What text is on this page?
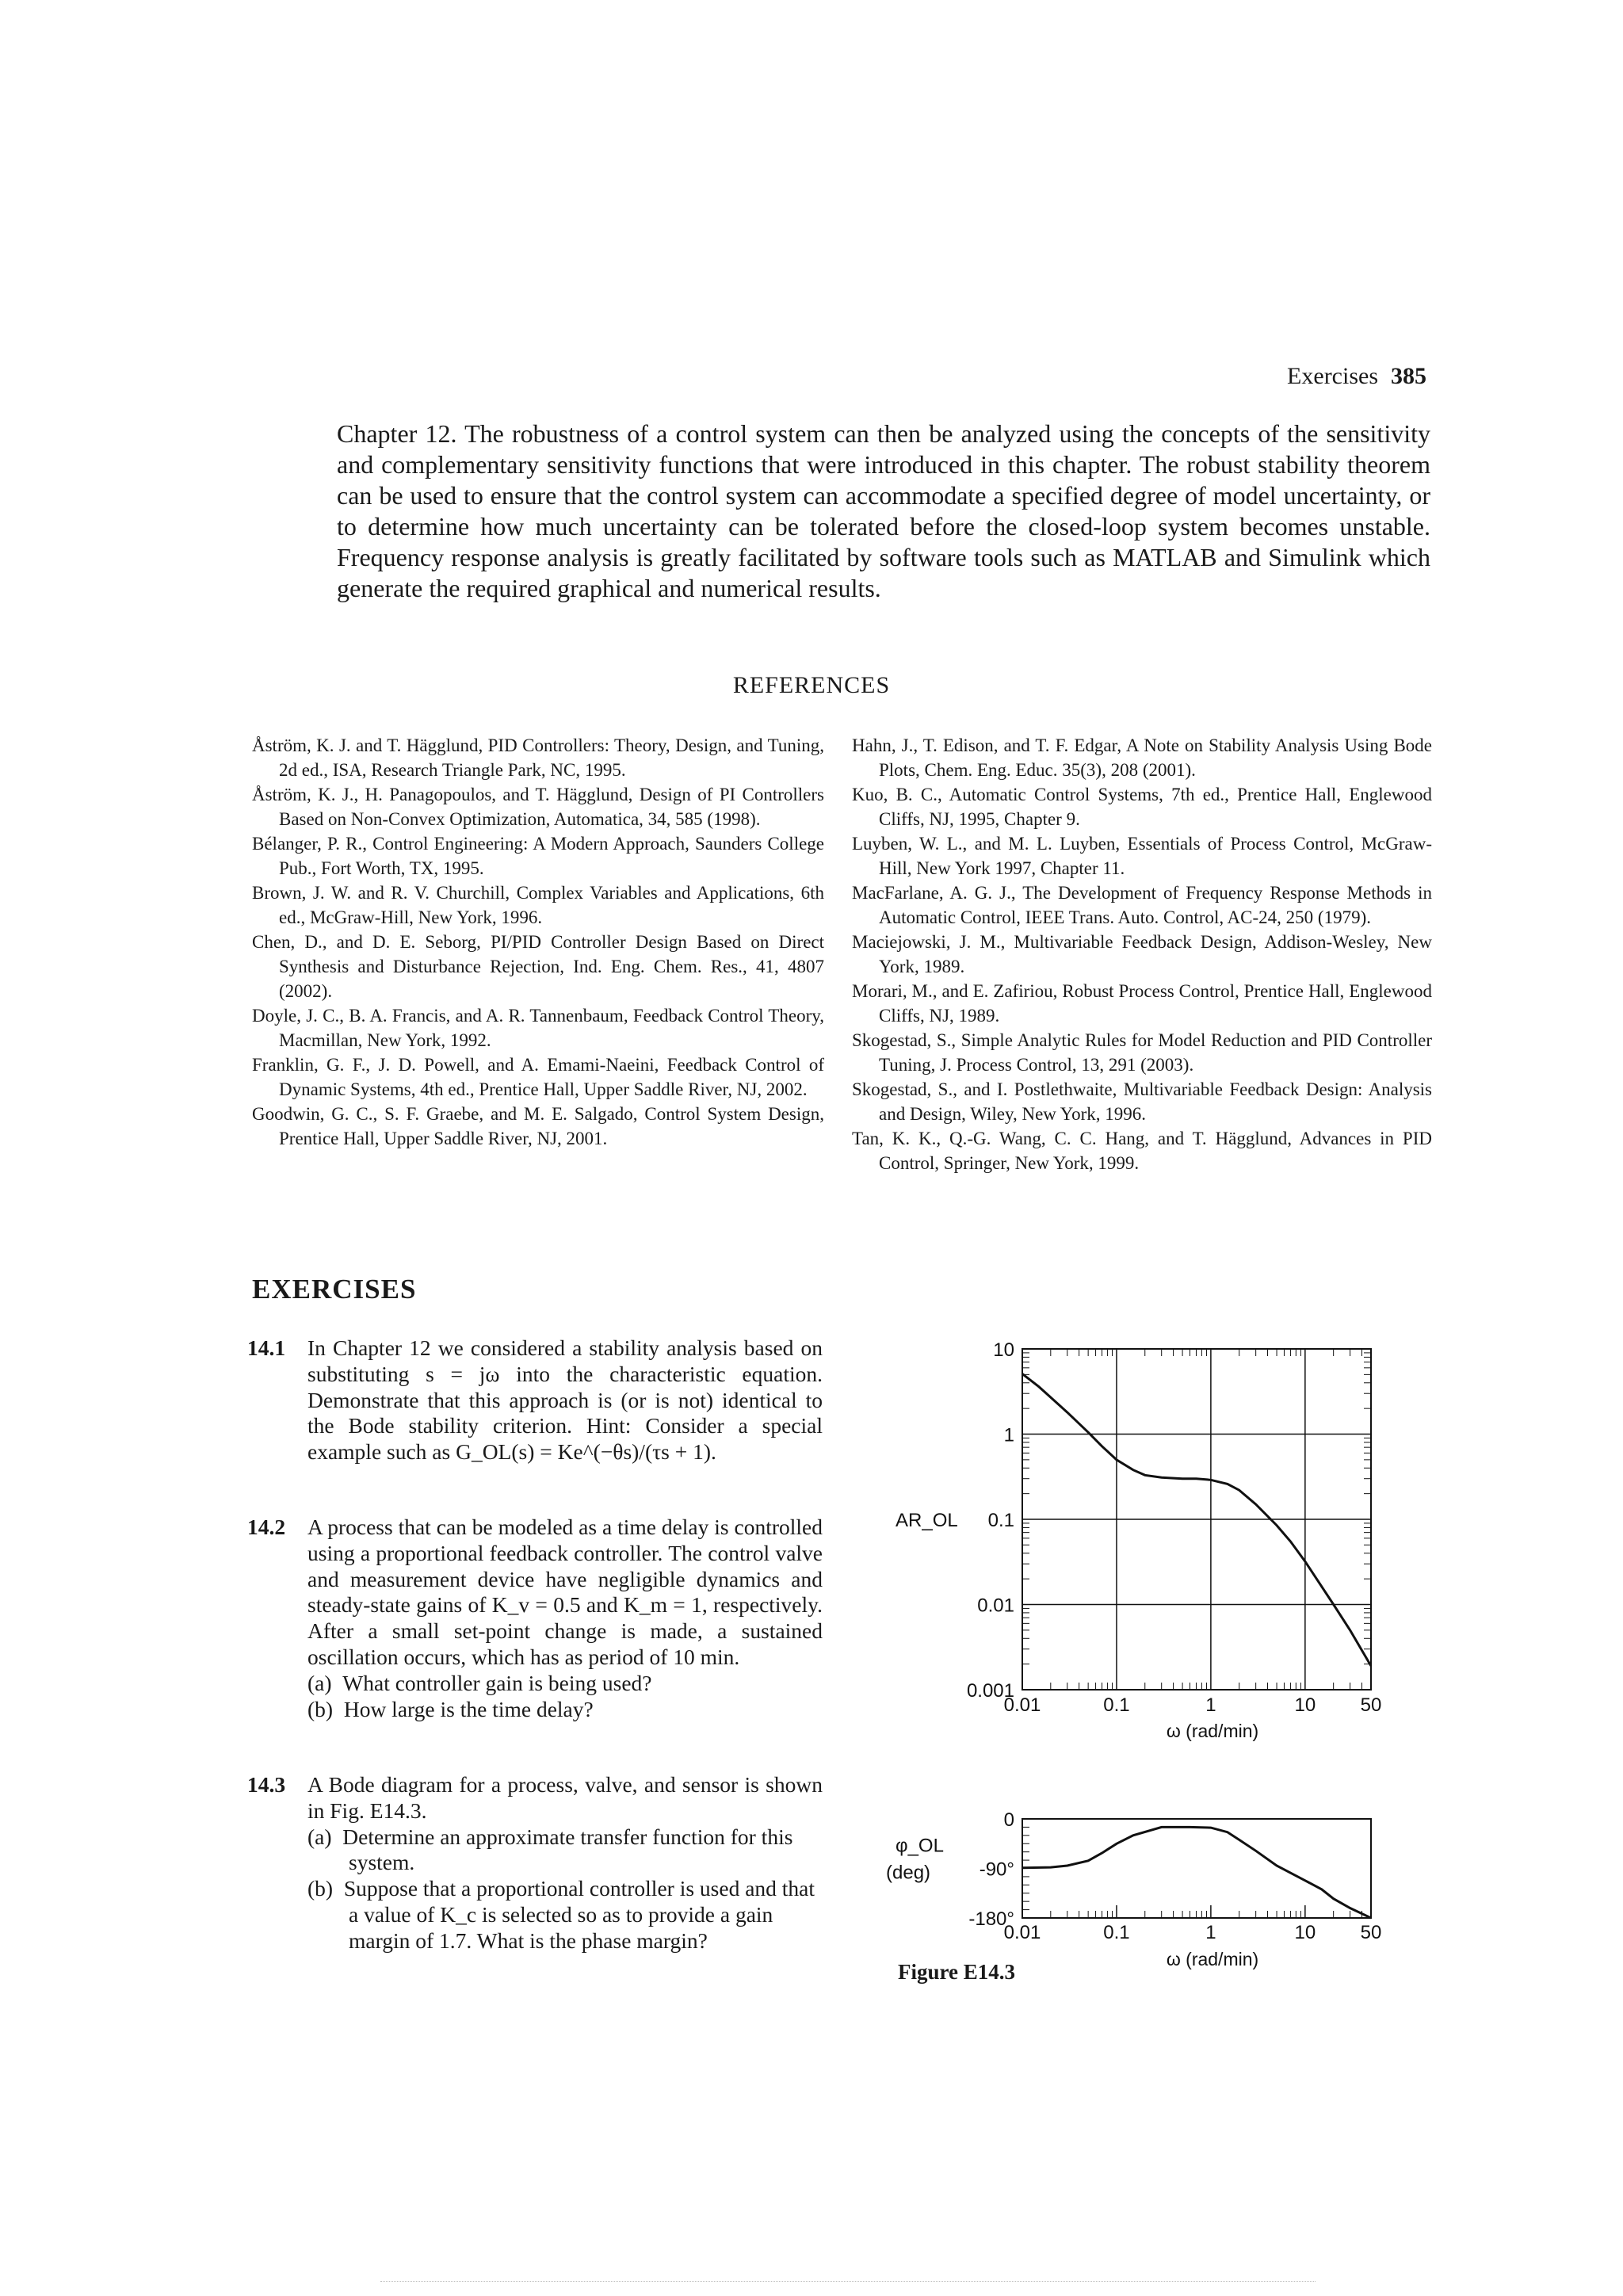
Exercises 385
Chapter 12. The robustness of a control system can then be analyzed using the concepts of the sensitivity and complementary sensitivity functions that were introduced in this chapter. The robust stability theorem can be used to ensure that the control system can accommodate a specified degree of model uncertainty, or to determine how much uncertainty can be tolerated before the closed-loop system becomes unstable. Frequency response analysis is greatly facilitated by software tools such as MATLAB and Simulink which generate the required graphical and numerical results.
REFERENCES

Åström, K. J. and T. Hägglund, PID Controllers: Theory, Design, and Tuning, 2d ed., ISA, Research Triangle Park, NC, 1995.

Åström, K. J., H. Panagopoulos, and T. Hägglund, Design of PI Controllers Based on Non-Convex Optimization, Automatica, 34, 585 (1998).

Bélanger, P. R., Control Engineering: A Modern Approach, Saunders College Pub., Fort Worth, TX, 1995.

Brown, J. W. and R. V. Churchill, Complex Variables and Applications, 6th ed., McGraw-Hill, New York, 1996.

Chen, D., and D. E. Seborg, PI/PID Controller Design Based on Direct Synthesis and Disturbance Rejection, Ind. Eng. Chem. Res., 41, 4807 (2002).

Doyle, J. C., B. A. Francis, and A. R. Tannenbaum, Feedback Control Theory, Macmillan, New York, 1992.

Franklin, G. F., J. D. Powell, and A. Emami-Naeini, Feedback Control of Dynamic Systems, 4th ed., Prentice Hall, Upper Saddle River, NJ, 2002.

Goodwin, G. C., S. F. Graebe, and M. E. Salgado, Control System Design, Prentice Hall, Upper Saddle River, NJ, 2001.

Hahn, J., T. Edison, and T. F. Edgar, A Note on Stability Analysis Using Bode Plots, Chem. Eng. Educ. 35(3), 208 (2001).

Kuo, B. C., Automatic Control Systems, 7th ed., Prentice Hall, Englewood Cliffs, NJ, 1995, Chapter 9.

Luyben, W. L., and M. L. Luyben, Essentials of Process Control, McGraw-Hill, New York 1997, Chapter 11.

MacFarlane, A. G. J., The Development of Frequency Response Methods in Automatic Control, IEEE Trans. Auto. Control, AC-24, 250 (1979).

Maciejowski, J. M., Multivariable Feedback Design, Addison-Wesley, New York, 1989.

Morari, M., and E. Zafiriou, Robust Process Control, Prentice Hall, Englewood Cliffs, NJ, 1989.

Skogestad, S., Simple Analytic Rules for Model Reduction and PID Controller Tuning, J. Process Control, 13, 291 (2003).

Skogestad, S., and I. Postlethwaite, Multivariable Feedback Design: Analysis and Design, Wiley, New York, 1996.

Tan, K. K., Q.-G. Wang, C. C. Hang, and T. Hägglund, Advances in PID Control, Springer, New York, 1999.

EXERCISES
14.1 In Chapter 12 we considered a stability analysis based on substituting s = jω into the characteristic equation. Demonstrate that this approach is (or is not) identical to the Bode stability criterion. Hint: Consider a special example such as G_OL(s) = Ke^(−θs)/(τs + 1).
14.2 A process that can be modeled as a time delay is controlled using a proportional feedback controller. The control valve and measurement device have negligible dynamics and steady-state gains of K_v = 0.5 and K_m = 1, respectively. After a small set-point change is made, a sustained oscillation occurs, which has as period of 10 min.
(a) What controller gain is being used?
(b) How large is the time delay?
14.3 A Bode diagram for a process, valve, and sensor is shown in Fig. E14.3.
(a) Determine an approximate transfer function for this system.
(b) Suppose that a proportional controller is used and that a value of K_c is selected so as to provide a gain margin of 1.7. What is the phase margin?
10
1
0.1
0.01
0.001
0.01	0.1	1	10 50
ω (rad/min)
AR_OL
0
-90°
-180°
0.01	0.1	1	10 50
ω (rad/min)
φ_OL
(deg)
Figure E14.3
